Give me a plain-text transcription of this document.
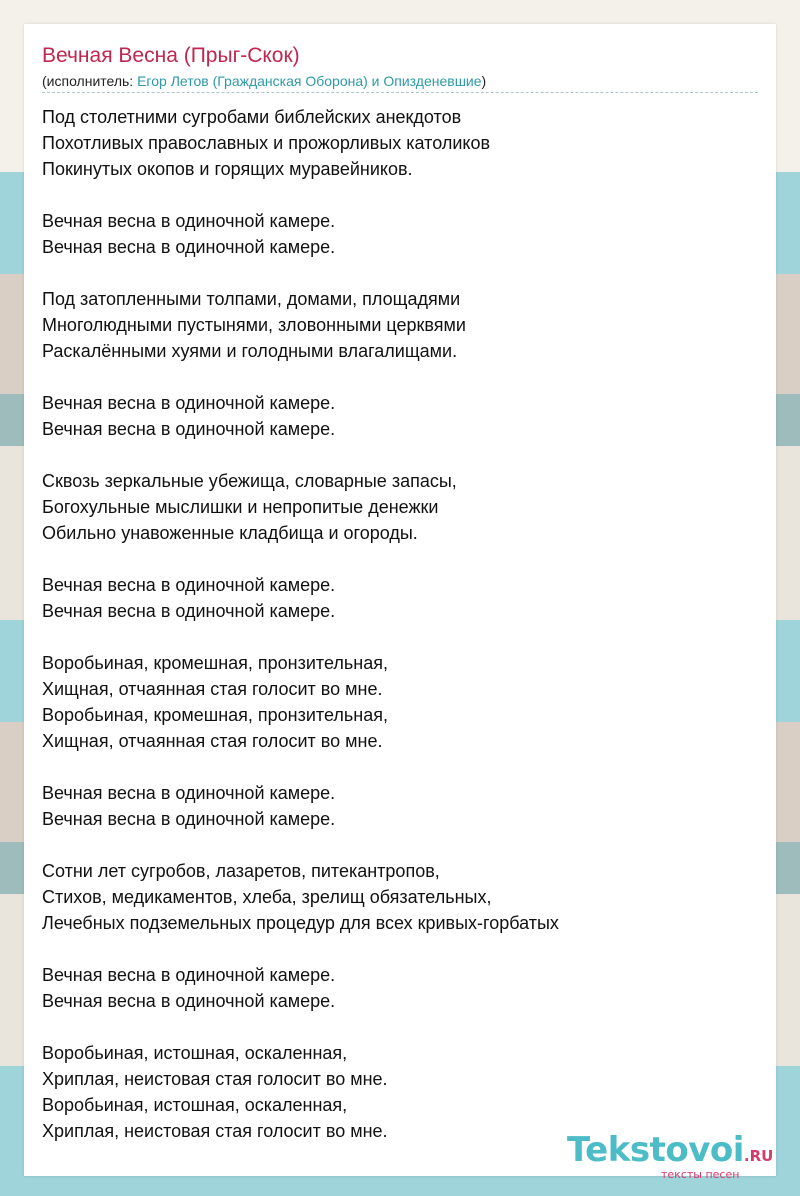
Вечная Весна (Прыг-Скок)
(исполнитель: Егор Летов (Гражданская Оборона) и Опизденевшие)
Под столетними сугробами библейских анекдотов
Похотливых православных и прожорливых католиков
Покинутых окопов и горящих муравейников.
Вечная весна в одиночной камере.
Вечная весна в одиночной камере.
Под затопленными толпами, домами, площадями
Многолюдными пустынями, зловонными церквями
Раскалёнными хуями и голодными влагалищами.
Вечная весна в одиночной камере.
Вечная весна в одиночной камере.
Сквозь зеркальные убежища, словарные запасы,
Богохульные мыслишки и непропитые денежки
Обильно унавоженные кладбища и огороды.
Вечная весна в одиночной камере.
Вечная весна в одиночной камере.
Воробьиная, кромешная, пронзительная,
Хищная, отчаянная стая голосит во мне.
Воробьиная, кромешная, пронзительная,
Хищная, отчаянная стая голосит во мне.
Вечная весна в одиночной камере.
Вечная весна в одиночной камере.
Сотни лет сугробов, лазаретов, питекантропов,
Стихов, медикаментов, хлеба, зрелищ обязательных,
Лечебных подземельных процедур для всех кривых-горбатых
Вечная весна в одиночной камере.
Вечная весна в одиночной камере.
Воробьиная, истошная, оскаленная,
Хриплая, неистовая стая голосит во мне.
Воробьиная, истошная, оскаленная,
Хриплая, неистовая стая голосит во мне.	Tekstovoi.RU
тексты песен
